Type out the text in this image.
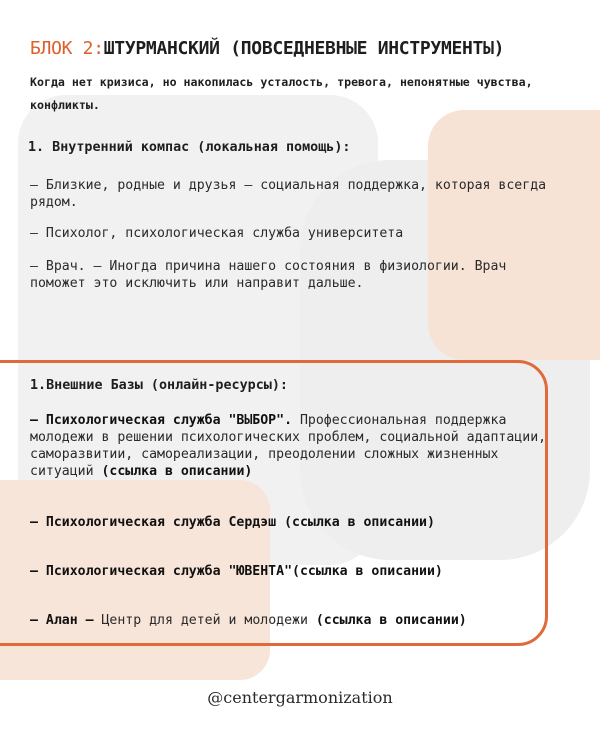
БЛОК 2:ШТУРМАНСКИЙ (ПОВСЕДНЕВНЫЕ ИНСТРУМЕНТЫ)
Когда нет кризиса, но накопилась усталость, тревога, непонятные чувства, конфликты.
1. Внутренний компас (локальная помощь):
— Близкие, родные и друзья — социальная поддержка, которая всегда рядом.
— Психолог, психологическая служба университета
— Врач. — Иногда причина нашего состояния в физиологии. Врач поможет это исключить или направит дальше.
1.Внешние Базы (онлайн-ресурсы):
— Психологическая служба "ВЫБОР". Профессиональная поддержка молодежи в решении психологических проблем, социальной адаптации, саморазвитии, самореализации, преодолении сложных жизненных ситуаций (ссылка в описании)
— Психологическая служба Сердэш (ссылка в описании)
— Психологическая служба "ЮВЕНТА"(ссылка в описании)
— Алан — Центр для детей и молодежи (ссылка в описании)
@centergarmonization
